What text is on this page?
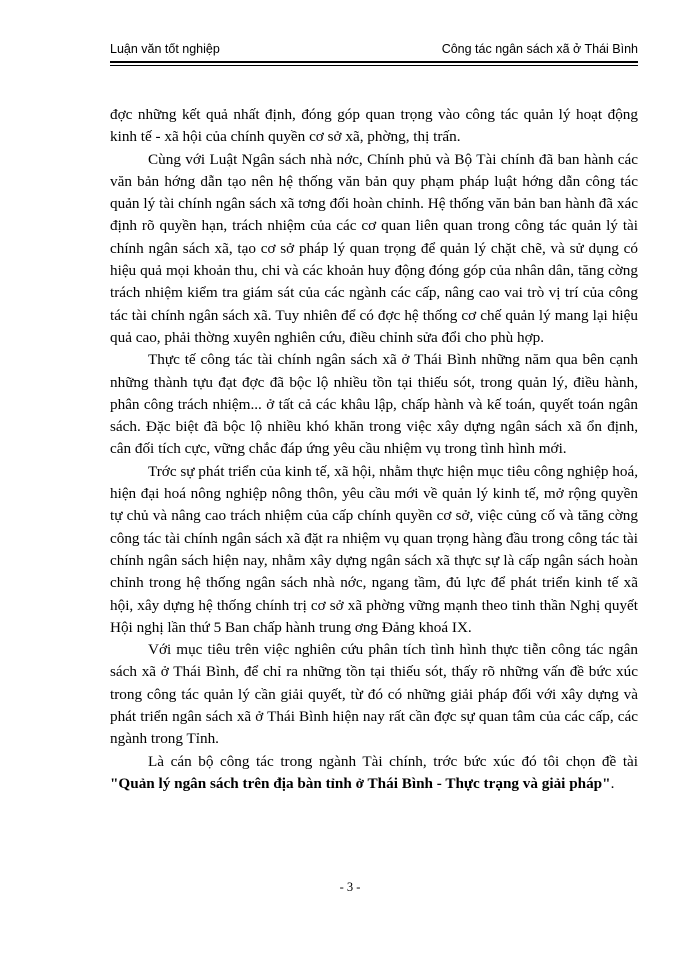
Luận văn tốt nghiệp	Công tác ngân sách xã ở Thái Bình

đợc những kết quả nhất định, đóng góp quan trọng vào công tác quản lý hoạt động kinh tế - xã hội của chính quyền cơ sở xã, phờng, thị trấn.

Cùng với Luật Ngân sách nhà nớc, Chính phủ và Bộ Tài chính đã ban hành các văn bản hớng dẫn tạo nên hệ thống văn bản quy phạm pháp luật hớng dẫn công tác quản lý tài chính ngân sách xã tơng đối hoàn chỉnh. Hệ thống văn bản ban hành đã xác định rõ quyền hạn, trách nhiệm của các cơ quan liên quan trong công tác quản lý tài chính ngân sách xã, tạo cơ sở pháp lý quan trọng để quản lý chặt chẽ, và sử dụng có hiệu quả mọi khoản thu, chi và các khoản huy động đóng góp của nhân dân, tăng cờng trách nhiệm kiểm tra giám sát của các ngành các cấp, nâng cao vai trò vị trí của công tác tài chính ngân sách xã. Tuy nhiên để có đợc hệ thống cơ chế quản lý mang lại hiệu quả cao, phải thờng xuyên nghiên cứu, điều chỉnh sửa đổi cho phù hợp.

Thực tế công tác tài chính ngân sách xã ở Thái Bình những năm qua bên cạnh những thành tựu đạt đợc đã bộc lộ nhiều tồn tại thiếu sót, trong quản lý, điều hành, phân công trách nhiệm... ở tất cả các khâu lập, chấp hành và kế toán, quyết toán ngân sách. Đặc biệt đã bộc lộ nhiều khó khăn trong việc xây dựng ngân sách xã ổn định, cân đối tích cực, vững chắc đáp ứng yêu cầu nhiệm vụ trong tình hình mới.

Trớc sự phát triển của kinh tế, xã hội, nhằm thực hiện mục tiêu công nghiệp hoá, hiện đại hoá nông nghiệp nông thôn, yêu cầu mới về quản lý kinh tế, mở rộng quyền tự chủ và nâng cao trách nhiệm của cấp chính quyền cơ sở, việc củng cố và tăng cờng công tác tài chính ngân sách xã đặt ra nhiệm vụ quan trọng hàng đầu trong công tác tài chính ngân sách hiện nay, nhằm xây dựng ngân sách xã thực sự là cấp ngân sách hoàn chỉnh trong hệ thống ngân sách nhà nớc, ngang tầm, đủ lực để phát triển kinh tế xã hội, xây dựng hệ thống chính trị cơ sở xã phờng vững mạnh theo tinh thần Nghị quyết Hội nghị lần thứ 5 Ban chấp hành trung ơng Đảng khoá IX.

Với mục tiêu trên việc nghiên cứu phân tích tình hình thực tiễn công tác ngân sách xã ở Thái Bình, để chỉ ra những tồn tại thiếu sót, thấy rõ những vấn đề bức xúc trong công tác quản lý cần giải quyết, từ đó có những giải pháp đối với xây dựng và phát triển ngân sách xã ở Thái Bình hiện nay rất cần đợc sự quan tâm của các cấp, các ngành trong Tỉnh.

Là cán bộ công tác trong ngành Tài chính, trớc bức xúc đó tôi chọn đề tài "Quản lý ngân sách trên địa bàn tỉnh ở Thái Bình - Thực trạng và giải pháp".

- 3 -
